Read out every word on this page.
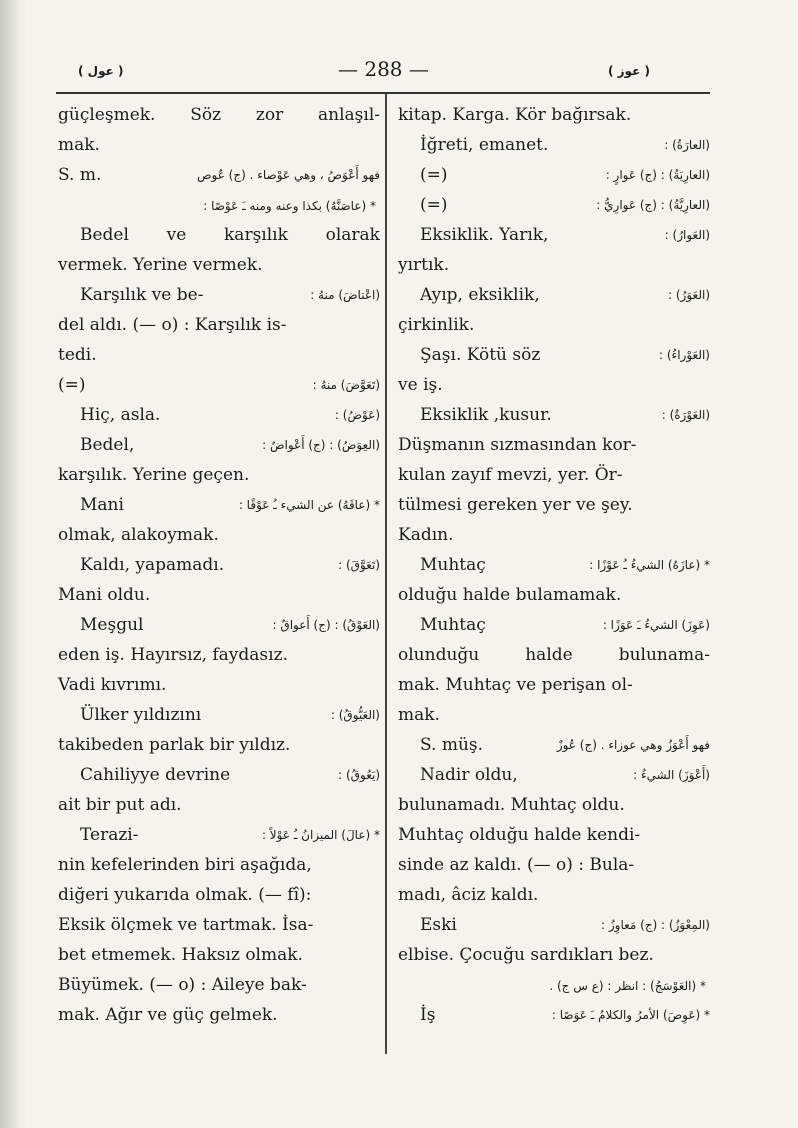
( عول )	— 288 —	( عوز )
güçleşmek. Söz zor anlaşıl-
mak.
S. m.	فهو أَعْوَصُ ، وهي عَوْصاء . (ج) عُوص
* (عاصَنَّهُ) بكذا وعنه ومنه ـَ عَوْصًا :
Bedel ve karşılık olarak
vermek. Yerine vermek.
Karşılık ve be-	(اعْتاضَ) منهُ :
del aldı. (— o) : Karşılık is-
tedi.
(=)	(تَعَوَّضَ) منهُ :
Hiç, asla.	(عَوْضُ) :
Bedel,	(العِوَضُ) : (ج) أَعْواضٌ :
karşılık. Yerine geçen.
Mani	* (عاقَهُ) عن الشيء ـُ عَوْقًا :
olmak, alakoymak.
Kaldı, yapamadı.	(تَعَوَّقَ) :
Mani oldu.
Meşgul	(العَوْقُ) : (ج) أَعواقٌ :
eden iş. Hayırsız, faydasız.
Vadi kıvrımı.
Ülker yıldızını	(العَيُّوقُ) :
takibeden parlak bir yıldız.
Cahiliyye devrine	(يَعُوقُ) :
ait bir put adı.
Terazi-	* (عالَ) الميزانُ ـُ عَوْلاً :
nin kefelerinden biri aşağıda,
diğeri yukarıda olmak. (— fî):
Eksik ölçmek ve tartmak. İsa-
bet etmemek. Haksız olmak.
Büyümek. (— o) : Aileye bak-
mak. Ağır ve güç gelmek.
kitap. Karga. Kör bağırsak.
İğreti, emanet.	(العارَةُ) :
(=)	(العارِيَةُ) : (ج) عَوارٍ :
(=)	(العارِيَّةُ) : (ج) عَوارِيُّ :
Eksiklik. Yarık,	(العَوارُ) :
yırtık.
Ayıp, eksiklik,	(العَوَرُ) :
çirkinlik.
Şaşı. Kötü söz	(العَوْراءُ) :
ve iş.
Eksiklik ,kusur.	(العَوْرَةُ) :
Düşmanın sızmasından kor-
kulan zayıf mevzi, yer. Ör-
tülmesi gereken yer ve şey.
Kadın.
Muhtaç	* (عازَهُ) الشيءُ ـُ عَوْزًا :
olduğu halde bulamamak.
Muhtaç	(عَوِزَ) الشيءُ ـَ عَوَزًا :
olunduğu halde bulunama-
mak. Muhtaç ve perişan ol-
mak.
S. müş.	فهو أَعْوَزُ وهي عوزاء . (ج) عُوزٌ
Nadir oldu,	(أَعْوَزَ) الشيءُ :
bulunamadı. Muhtaç oldu.
Muhtaç olduğu halde kendi-
sinde az kaldı. (— o) : Bula-
madı, âciz kaldı.
Eski	(المِعْوَزُ) : (ج) مَعاوِزُ :
elbise. Çocuğu sardıkları bez.
* (العَوْسَجُ) : انظر : (ع س ج) .
İş	* (عَوِصَ) الأمرُ والكلامُ ـَ عَوَصًا :
